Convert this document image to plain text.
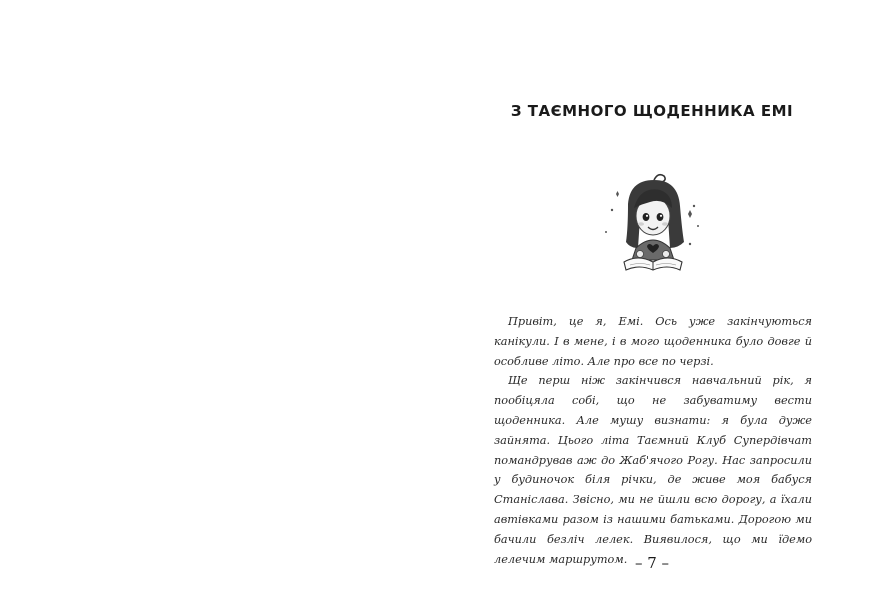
З ТАЄМНОГО ЩОДЕННИКА ЕМІ

Привіт, це я, Емі. Ось уже закінчуються канікули. І в мене, і в мого щоденника було довге й особливе літо. Але про все по черзі.

Ще перш ніж закінчився навчальний рік, я пообіцяла собі, що не забуватиму вести щоденника. Але мушу визнати: я була дуже зайнята. Цього літа Таємний Клуб Супердівчат помандрував аж до Жаб'ячого Рогу. Нас запросили у будиночок біля річки, де живе моя бабуся Станіслава. Звісно, ми не йшли всю дорогу, а їхали автівками разом із нашими батьками. Дорогою ми бачили безліч лелек. Виявилося, що ми їдемо лелечим маршрутом. – 7 –
